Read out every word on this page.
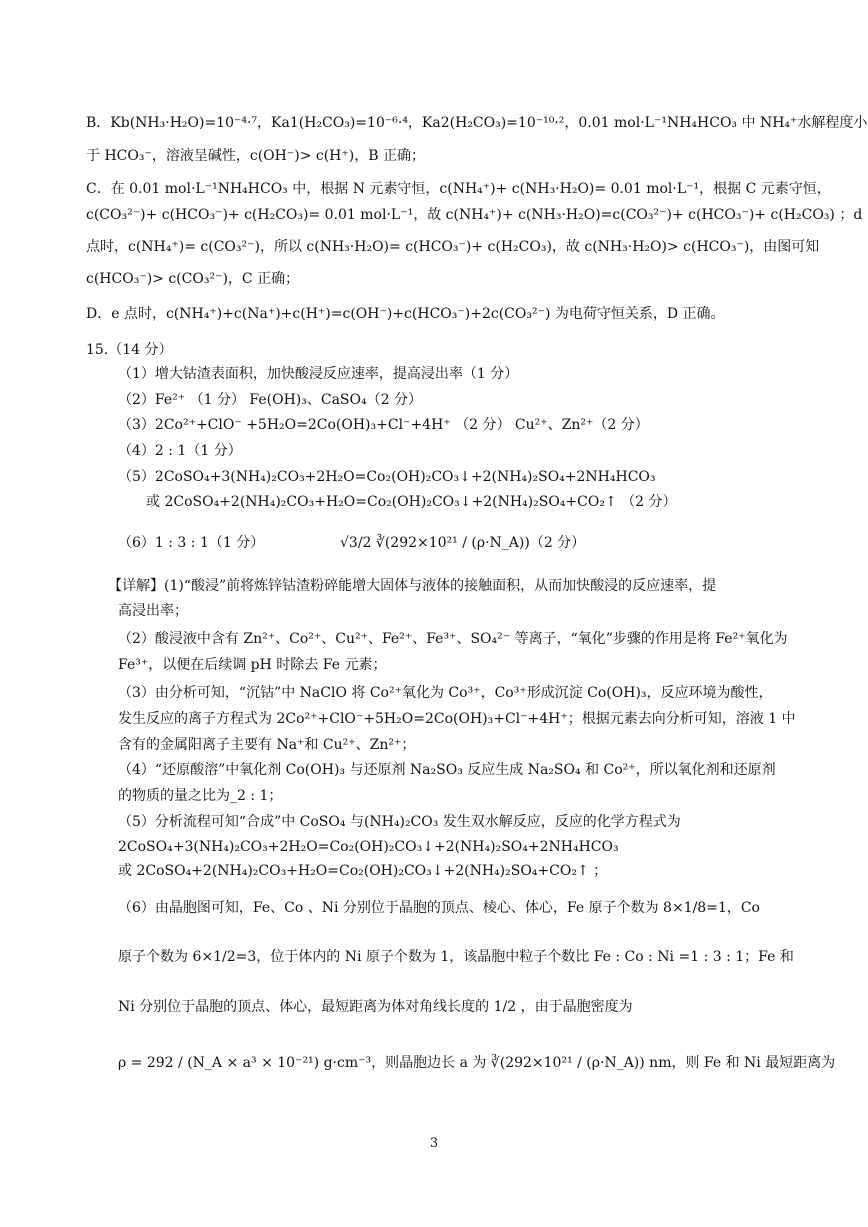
B．Kb(NH₃·H₂O)=10⁻⁴·⁷，Ka1(H₂CO₃)=10⁻⁶·⁴，Ka2(H₂CO₃)=10⁻¹⁰·²，0.01 mol·L⁻¹NH₄HCO₃ 中 NH₄⁺水解程度小
于 HCO₃⁻，溶液呈碱性，c(OH⁻)> c(H⁺)，B 正确；
C．在 0.01 mol·L⁻¹NH₄HCO₃ 中，根据 N 元素守恒，c(NH₄⁺)+ c(NH₃·H₂O)= 0.01 mol·L⁻¹，根据 C 元素守恒，
c(CO₃²⁻)+ c(HCO₃⁻)+ c(H₂CO₃)= 0.01 mol·L⁻¹，故 c(NH₄⁺)+ c(NH₃·H₂O)=c(CO₃²⁻)+ c(HCO₃⁻)+ c(H₂CO₃) ；d
点时，c(NH₄⁺)= c(CO₃²⁻)，所以 c(NH₃·H₂O)= c(HCO₃⁻)+ c(H₂CO₃)，故 c(NH₃·H₂O)> c(HCO₃⁻)，由图可知
c(HCO₃⁻)> c(CO₃²⁻)，C 正确；
D．e 点时，c(NH₄⁺)+c(Na⁺)+c(H⁺)=c(OH⁻)+c(HCO₃⁻)+2c(CO₃²⁻) 为电荷守恒关系，D 正确。
15.（14 分）
（1）增大钴渣表面积，加快酸浸反应速率，提高浸出率（1 分）
（2）Fe²⁺ （1 分） Fe(OH)₃、CaSO₄（2 分）
（3）2Co²⁺+ClO⁻ +5H₂O=2Co(OH)₃+Cl⁻+4H⁺ （2 分） Cu²⁺、Zn²⁺（2 分）
（4）2 : 1（1 分）
（5）2CoSO₄+3(NH₄)₂CO₃+2H₂O=Co₂(OH)₂CO₃↓+2(NH₄)₂SO₄+2NH₄HCO₃
或 2CoSO₄+2(NH₄)₂CO₃+H₂O=Co₂(OH)₂CO₃↓+2(NH₄)₂SO₄+CO₂↑ （2 分）
（6）1 : 3 : 1（1 分）	√3/2 ∛(292×10²¹ / (ρ·N_A))（2 分）
【详解】(1)“酸浸”前将炼锌钴渣粉碎能增大固体与液体的接触面积，从而加快酸浸的反应速率，提
高浸出率；
（2）酸浸液中含有 Zn²⁺、Co²⁺、Cu²⁺、Fe²⁺、Fe³⁺、SO₄²⁻ 等离子，“氧化”步骤的作用是将 Fe²⁺氧化为
Fe³⁺，以便在后续调 pH 时除去 Fe 元素；
（3）由分析可知，“沉钴”中 NaClO 将 Co²⁺氧化为 Co³⁺，Co³⁺形成沉淀 Co(OH)₃，反应环境为酸性，
发生反应的离子方程式为 2Co²⁺+ClO⁻+5H₂O=2Co(OH)₃+Cl⁻+4H⁺；根据元素去向分析可知，溶液 1 中
含有的金属阳离子主要有 Na⁺和 Cu²⁺、Zn²⁺；
（4）“还原酸溶”中氧化剂 Co(OH)₃ 与还原剂 Na₂SO₃ 反应生成 Na₂SO₄ 和 Co²⁺，所以氧化剂和还原剂
的物质的量之比为_2 : 1；
（5）分析流程可知“合成”中 CoSO₄ 与(NH₄)₂CO₃ 发生双水解反应，反应的化学方程式为
2CoSO₄+3(NH₄)₂CO₃+2H₂O=Co₂(OH)₂CO₃↓+2(NH₄)₂SO₄+2NH₄HCO₃
或 2CoSO₄+2(NH₄)₂CO₃+H₂O=Co₂(OH)₂CO₃↓+2(NH₄)₂SO₄+CO₂↑ ；
（6）由晶胞图可知，Fe、Co 、Ni 分别位于晶胞的顶点、棱心、体心，Fe 原子个数为 8×1/8=1，Co
原子个数为 6×1/2=3，位于体内的 Ni 原子个数为 1，该晶胞中粒子个数比 Fe : Co : Ni =1 : 3 : 1；Fe 和
Ni 分别位于晶胞的顶点、体心，最短距离为体对角线长度的 1/2 ，由于晶胞密度为
ρ = 292 / (N_A × a³ × 10⁻²¹) g·cm⁻³，则晶胞边长 a 为 ∛(292×10²¹ / (ρ·N_A)) nm，则 Fe 和 Ni 最短距离为
3
